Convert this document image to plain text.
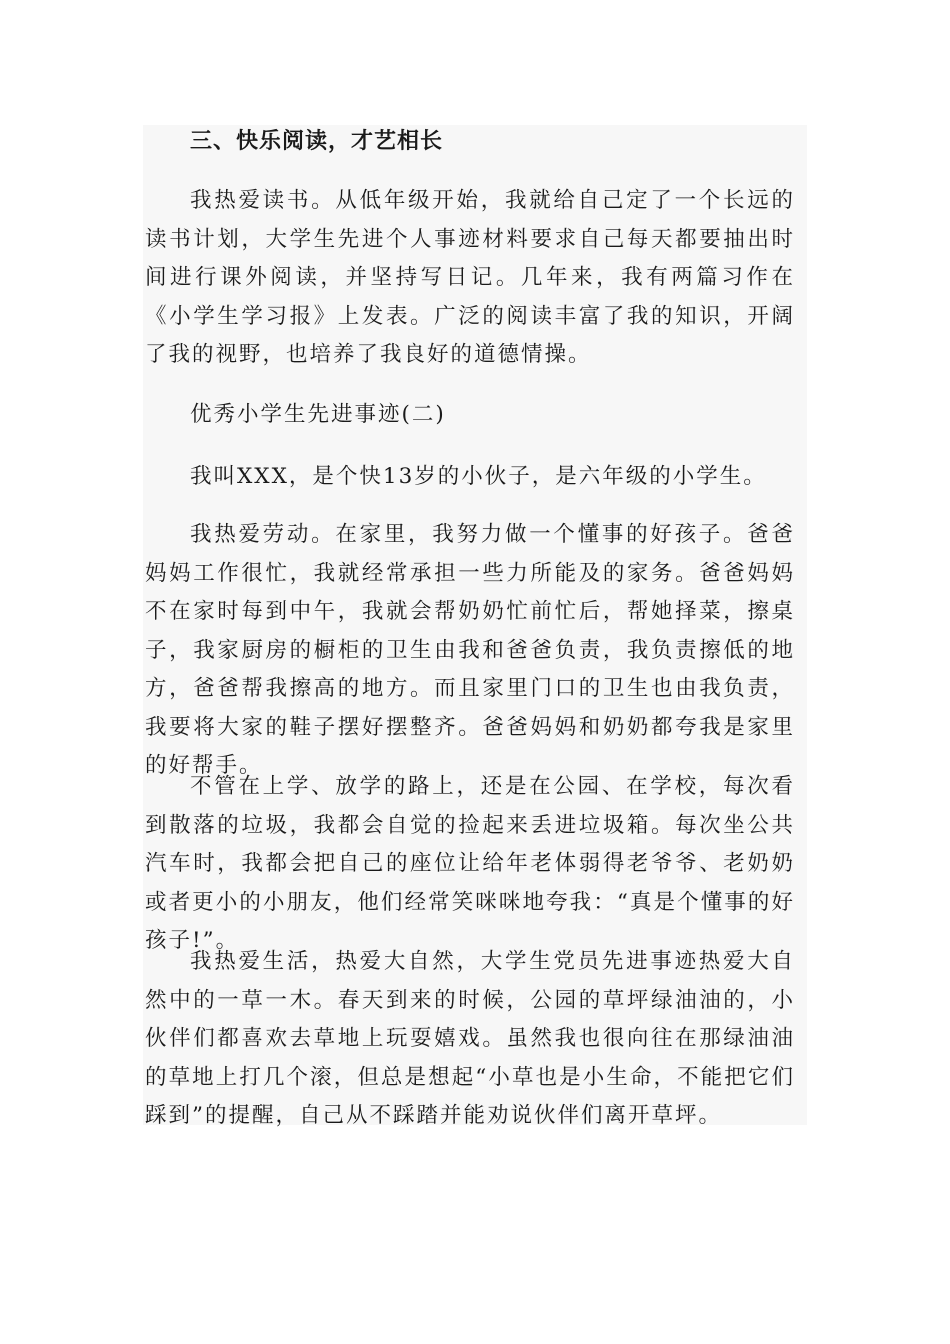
三、快乐阅读，才艺相长

我热爱读书。从低年级开始，我就给自己定了一个长远的读书计划，大学生先进个人事迹材料要求自己每天都要抽出时间进行课外阅读，并坚持写日记。几年来，我有两篇习作在《小学生学习报》上发表。广泛的阅读丰富了我的知识，开阔了我的视野，也培养了我良好的道德情操。

优秀小学生先进事迹(二)
我叫XXX，是个快13岁的小伙子，是六年级的小学生。

我热爱劳动。在家里，我努力做一个懂事的好孩子。爸爸妈妈工作很忙，我就经常承担一些力所能及的家务。爸爸妈妈不在家时每到中午，我就会帮奶奶忙前忙后，帮她择菜，擦桌子，我家厨房的橱柜的卫生由我和爸爸负责，我负责擦低的地方，爸爸帮我擦高的地方。而且家里门口的卫生也由我负责，我要将大家的鞋子摆好摆整齐。爸爸妈妈和奶奶都夸我是家里的好帮手。

不管在上学、放学的路上，还是在公园、在学校，每次看到散落的垃圾，我都会自觉的捡起来丢进垃圾箱。每次坐公共汽车时，我都会把自己的座位让给年老体弱得老爷爷、老奶奶或者更小的小朋友，他们经常笑咪咪地夸我：“真是个懂事的好孩子!”。

我热爱生活，热爱大自然，大学生党员先进事迹热爱大自然中的一草一木。春天到来的时候，公园的草坪绿油油的，小伙伴们都喜欢去草地上玩耍嬉戏。虽然我也很向往在那绿油油的草地上打几个滚，但总是想起“小草也是小生命，不能把它们踩到”的提醒，自己从不踩踏并能劝说伙伴们离开草坪。
